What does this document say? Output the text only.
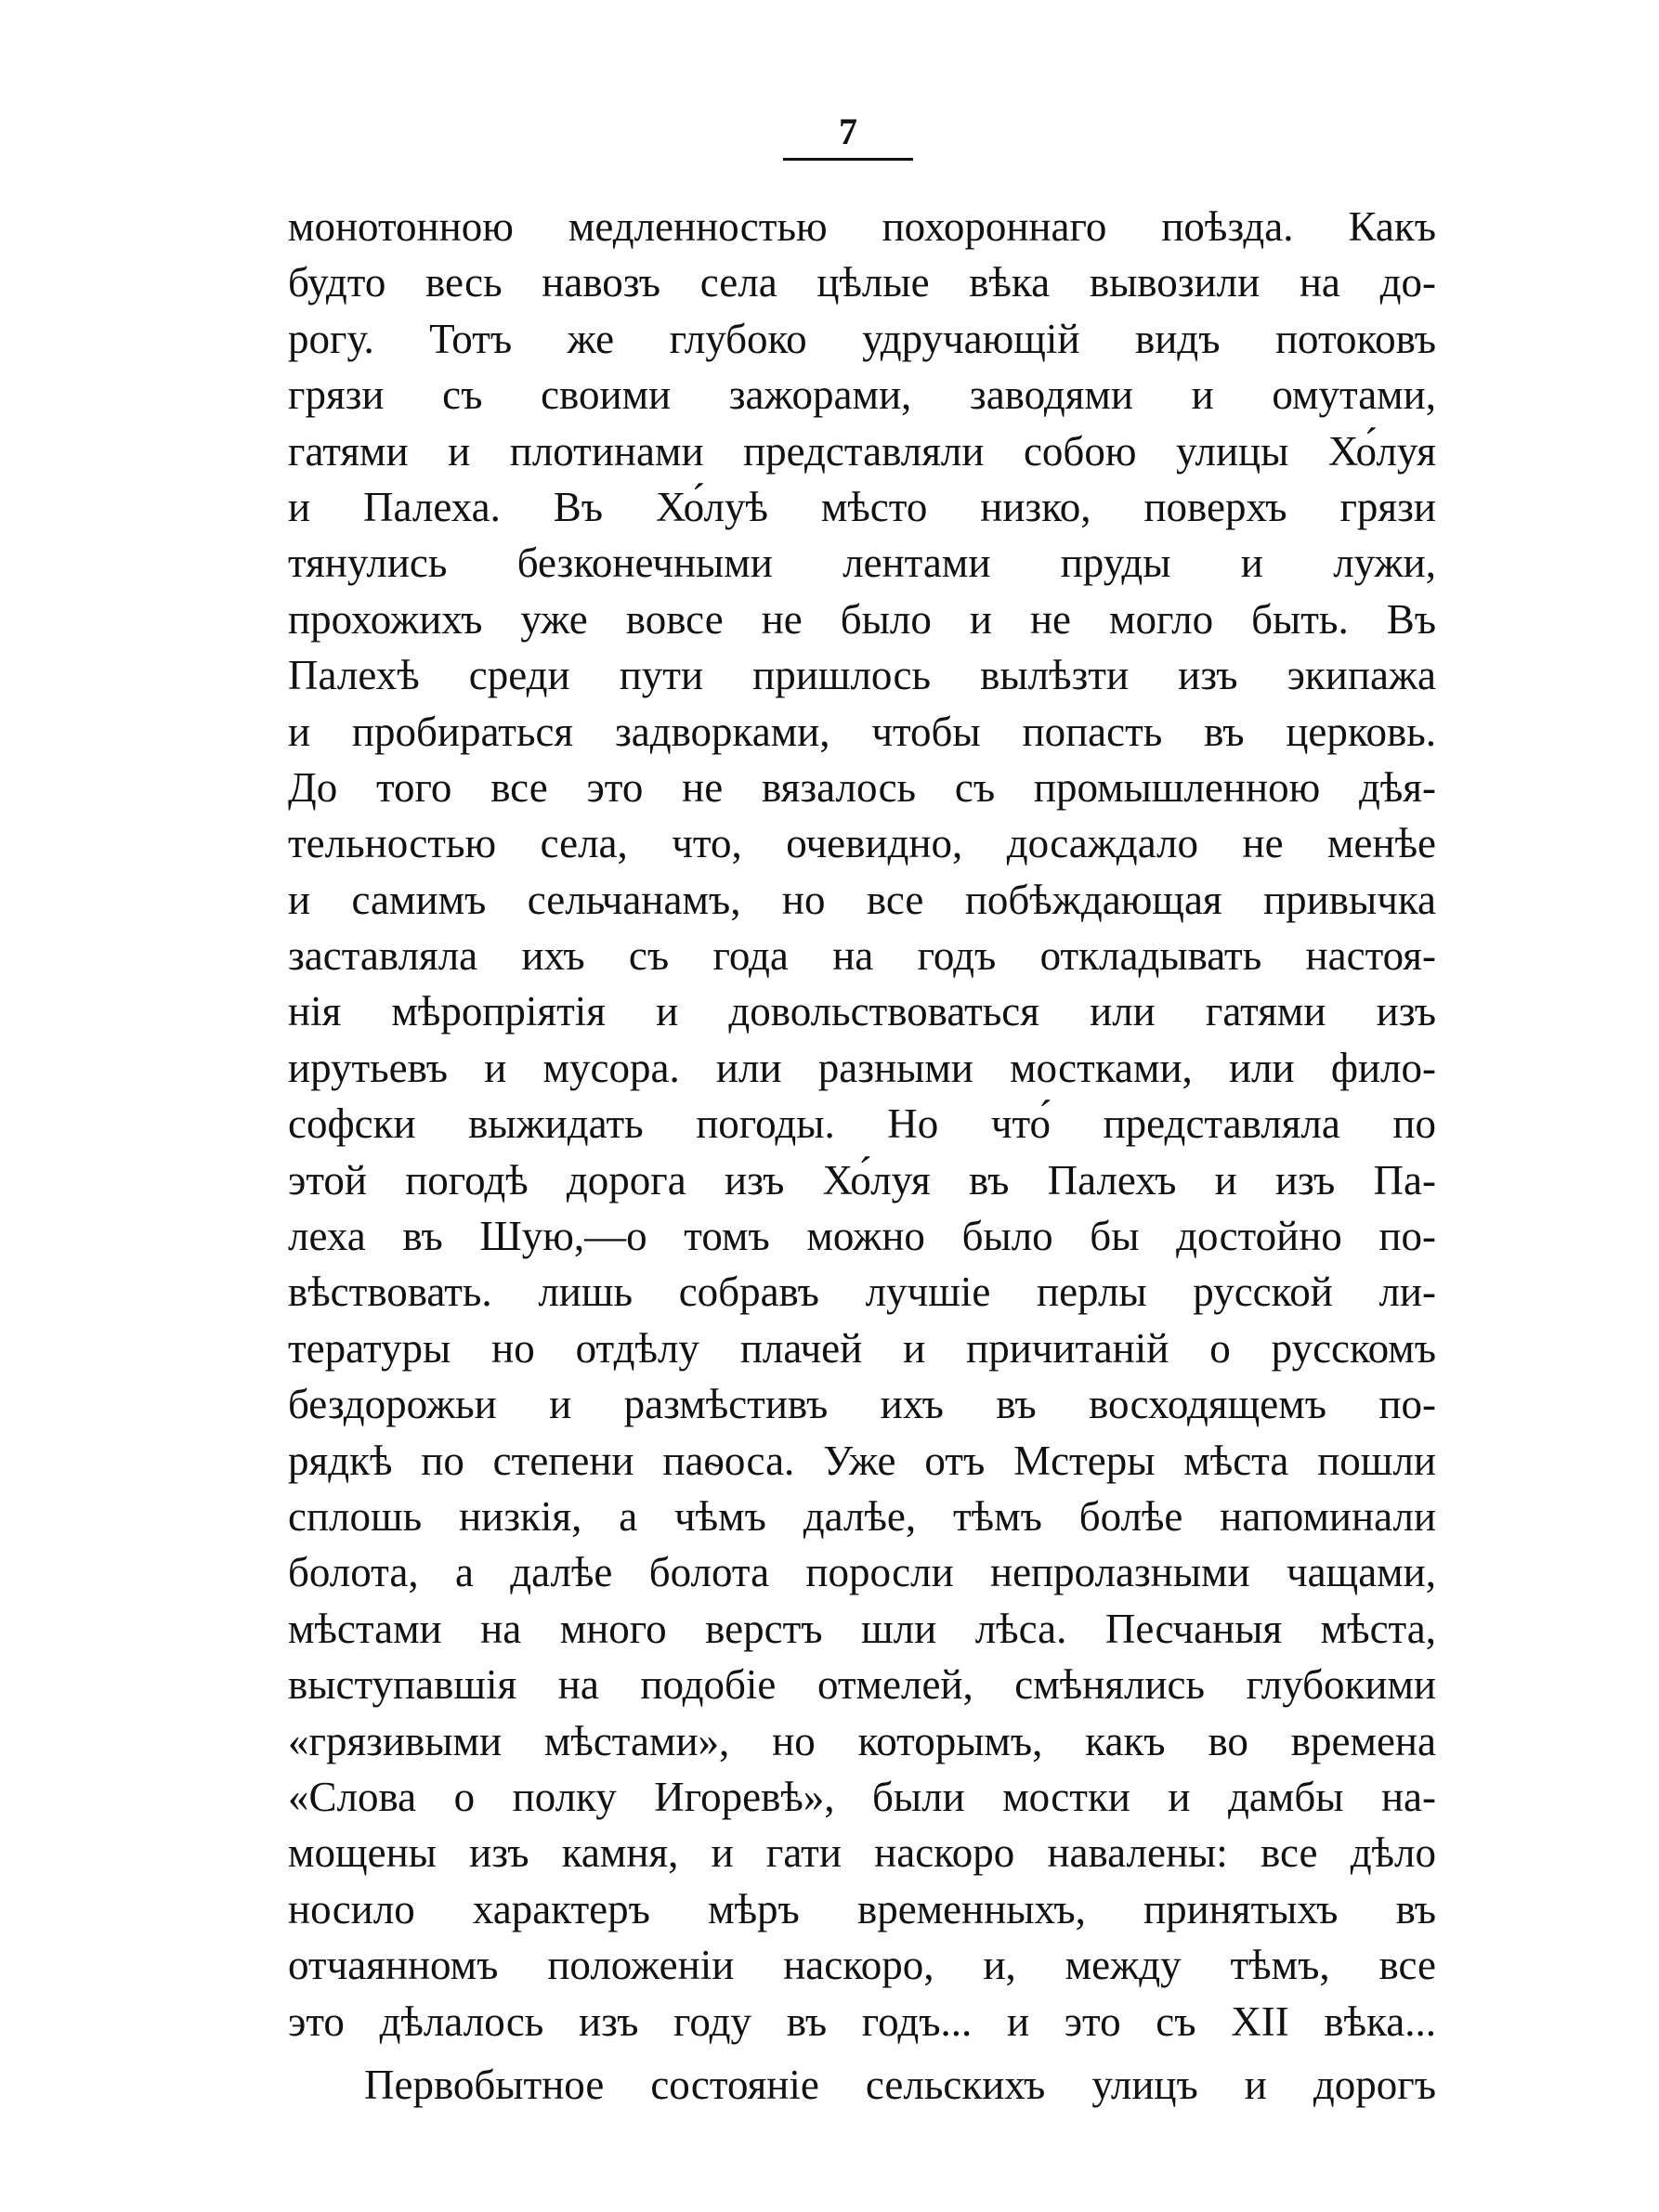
7
монотонною медленностью похороннаго поѣзда. Какъ
будто весь навозъ села цѣлые вѣка вывозили на до-
рогу. Тотъ же глубоко удручающій видъ потоковъ
грязи съ своими зажорами, заводями и омутами,
гатями и плотинами представляли собою улицы Хо́луя
и Палеха. Въ Хо́луѣ мѣсто низко, поверхъ грязи
тянулись безконечными лентами пруды и лужи,
прохожихъ уже вовсе не было и не могло быть. Въ
Палехѣ среди пути пришлось вылѣзти изъ экипажа
и пробираться задворками, чтобы попасть въ церковь.
До того все это не вязалось съ промышленною дѣя-
тельностью села, что, очевидно, досаждало не менѣе
и самимъ сельчанамъ, но все побѣждающая привычка
заставляла ихъ съ года на годъ откладывать настоя-
нія мѣропріятія и довольствоваться или гатями изъ
ирутьевъ и мусора. или разными мостками, или фило-
софски выжидать погоды. Но что́ представляла по
этой погодѣ дорога изъ Хо́луя въ Палехъ и изъ Па-
леха въ Шую,—о томъ можно было бы достойно по-
вѣствовать. лишь собравъ лучшіе перлы русской ли-
тературы но отдѣлу плачей и причитаній о русскомъ
бездорожьи и размѣстивъ ихъ въ восходящемъ по-
рядкѣ по степени паѳоса. Уже отъ Мстеры мѣста пошли
сплошь низкія, а чѣмъ далѣе, тѣмъ болѣе напоминали
болота, а далѣе болота поросли непролазными чащами,
мѣстами на много верстъ шли лѣса. Песчаныя мѣста,
выступавшія на подобіе отмелей, смѣнялись глубокими
«грязивыми мѣстами», но которымъ, какъ во времена
«Слова о полку Игоревѣ», были мостки и дамбы на-
мощены изъ камня, и гати наскоро навалены: все дѣло
носило характеръ мѣръ временныхъ, принятыхъ въ
отчаянномъ положеніи наскоро, и, между тѣмъ, все
это дѣлалось изъ году въ годъ... и это съ XII вѣка...
Первобытное состояніе сельскихъ улицъ и дорогъ
